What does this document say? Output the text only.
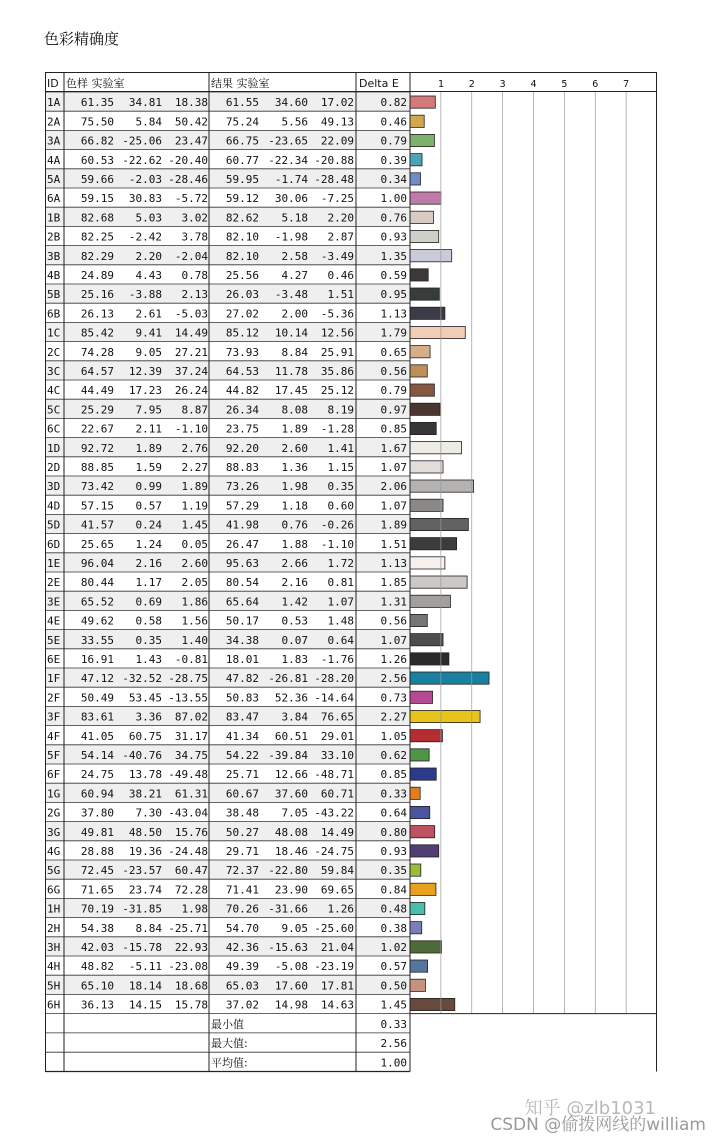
色彩精确度
ID 色样 实验室	结果 实验室	Delta E	1 2 3 4 5 6 7
1A 61.35 34.81 18.38 61.55 34.60 17.02 0.82
2A 75.50 5.84 50.42 75.24 5.56 49.13 0.46
3A 66.82 -25.06 23.47 66.75 -23.65 22.09 0.79
4A 60.53 -22.62 -20.40 60.77 -22.34 -20.88 0.39
5A 59.66 -2.03 -28.46 59.95 -1.74 -28.48 0.34
6A 59.15 30.83 -5.72 59.12 30.06 -7.25 1.00
1B 82.68 5.03 3.02 82.62 5.18 2.20 0.76
2B 82.25 -2.42 3.78 82.10 -1.98 2.87 0.93
3B 82.29 2.20 -2.04 82.10 2.58 -3.49 1.35
4B 24.89 4.43 0.78 25.56 4.27 0.46 0.59
5B 25.16 -3.88 2.13 26.03 -3.48 1.51 0.95
6B 26.13 2.61 -5.03 27.02 2.00 -5.36 1.13
1C 85.42 9.41 14.49 85.12 10.14 12.56 1.79
2C 74.28 9.05 27.21 73.93 8.84 25.91 0.65
3C 64.57 12.39 37.24 64.53 11.78 35.86 0.56
4C 44.49 17.23 26.24 44.82 17.45 25.12 0.79
5C 25.29 7.95 8.87 26.34 8.08 8.19 0.97
6C 22.67 2.11 -1.10 23.75 1.89 -1.28 0.85
1D 92.72 1.89 2.76 92.20 2.60 1.41 1.67
2D 88.85 1.59 2.27 88.83 1.36 1.15 1.07
3D 73.42 0.99 1.89 73.26 1.98 0.35 2.06
4D 57.15 0.57 1.19 57.29 1.18 0.60 1.07
5D 41.57 0.24 1.45 41.98 0.76 -0.26 1.89
6D 25.65 1.24 0.05 26.47 1.88 -1.10 1.51
1E 96.04 2.16 2.60 95.63 2.66 1.72 1.13
2E 80.44 1.17 2.05 80.54 2.16 0.81 1.85
3E 65.52 0.69 1.86 65.64 1.42 1.07 1.31
4E 49.62 0.58 1.56 50.17 0.53 1.48 0.56
5E 33.55 0.35 1.40 34.38 0.07 0.64 1.07
6E 16.91 1.43 -0.81 18.01 1.83 -1.76 1.26
1F 47.12 -32.52 -28.75 47.82 -26.81 -28.20 2.56
2F 50.49 53.45 -13.55 50.83 52.36 -14.64 0.73
3F 83.61 3.36 87.02 83.47 3.84 76.65 2.27
4F 41.05 60.75 31.17 41.34 60.51 29.01 1.05
5F 54.14 -40.76 34.75 54.22 -39.84 33.10 0.62
6F 24.75 13.78 -49.48 25.71 12.66 -48.71 0.85
1G 60.94 38.21 61.31 60.67 37.60 60.71 0.33
2G 37.80 7.30 -43.04 38.48 7.05 -43.22 0.64
3G 49.81 48.50 15.76 50.27 48.08 14.49 0.80
4G 28.88 19.36 -24.48 29.71 18.46 -24.75 0.93
5G 72.45 -23.57 60.47 72.37 -22.80 59.84 0.35
6G 71.65 23.74 72.28 71.41 23.90 69.65 0.84
1H 70.19 -31.85 1.98 70.26 -31.66 1.26 0.48
2H 54.38 8.84 -25.71 54.70 9.05 -25.60 0.38
3H 42.03 -15.78 22.93 42.36 -15.63 21.04 1.02
4H 48.82 -5.11 -23.08 49.39 -5.08 -23.19 0.57
5H 65.10 18.14 18.68 65.03 17.60 17.81 0.50
6H 36.13 14.15 15.78 37.02 14.98 14.63 1.45
最小值	0.33
最大值:	2.56
平均值:	1.00
知乎 @zlb1031
CSDN @偷拨网线的william
